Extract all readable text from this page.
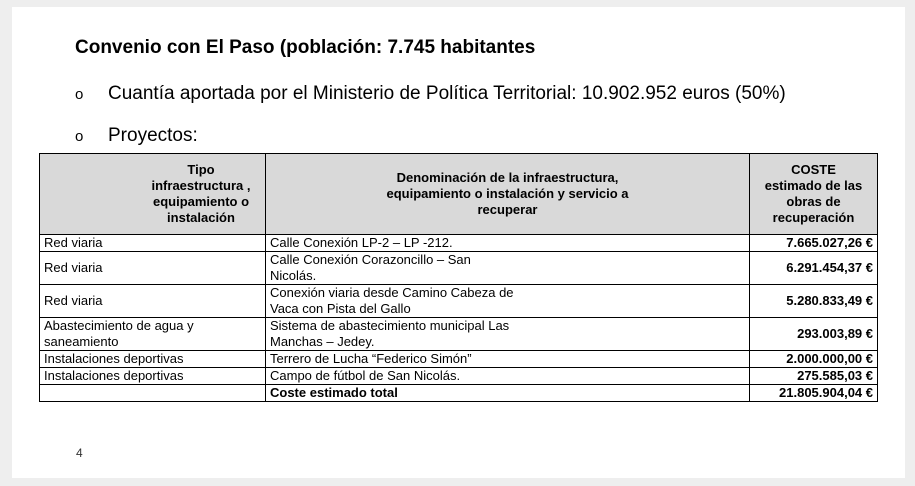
Convenio con El Paso (población: 7.745 habitantes
o Cuantía aportada por el Ministerio de Política Territorial: 10.902.952 euros (50%)
o Proyectos:
Tipo infraestructura , equipamiento o instalación	Denominación de la infraestructura, equipamiento o instalación y servicio a recuperar	COSTE estimado de las obras de recuperación
Red viaria	Calle Conexión LP-2 – LP -212.	7.665.027,26 €
Red viaria	Calle Conexión Corazoncillo – San Nicolás.	6.291.454,37 €
Red viaria	Conexión viaria desde Camino Cabeza de Vaca con Pista del Gallo	5.280.833,49 €
Abastecimiento de agua y saneamiento	Sistema de abastecimiento municipal Las Manchas – Jedey.	293.003,89 €
Instalaciones deportivas	Terrero de Lucha “Federico Simón”	2.000.000,00 €
Instalaciones deportivas	Campo de fútbol de San Nicolás.	275.585,03 €
	Coste estimado total	21.805.904,04 €
4
